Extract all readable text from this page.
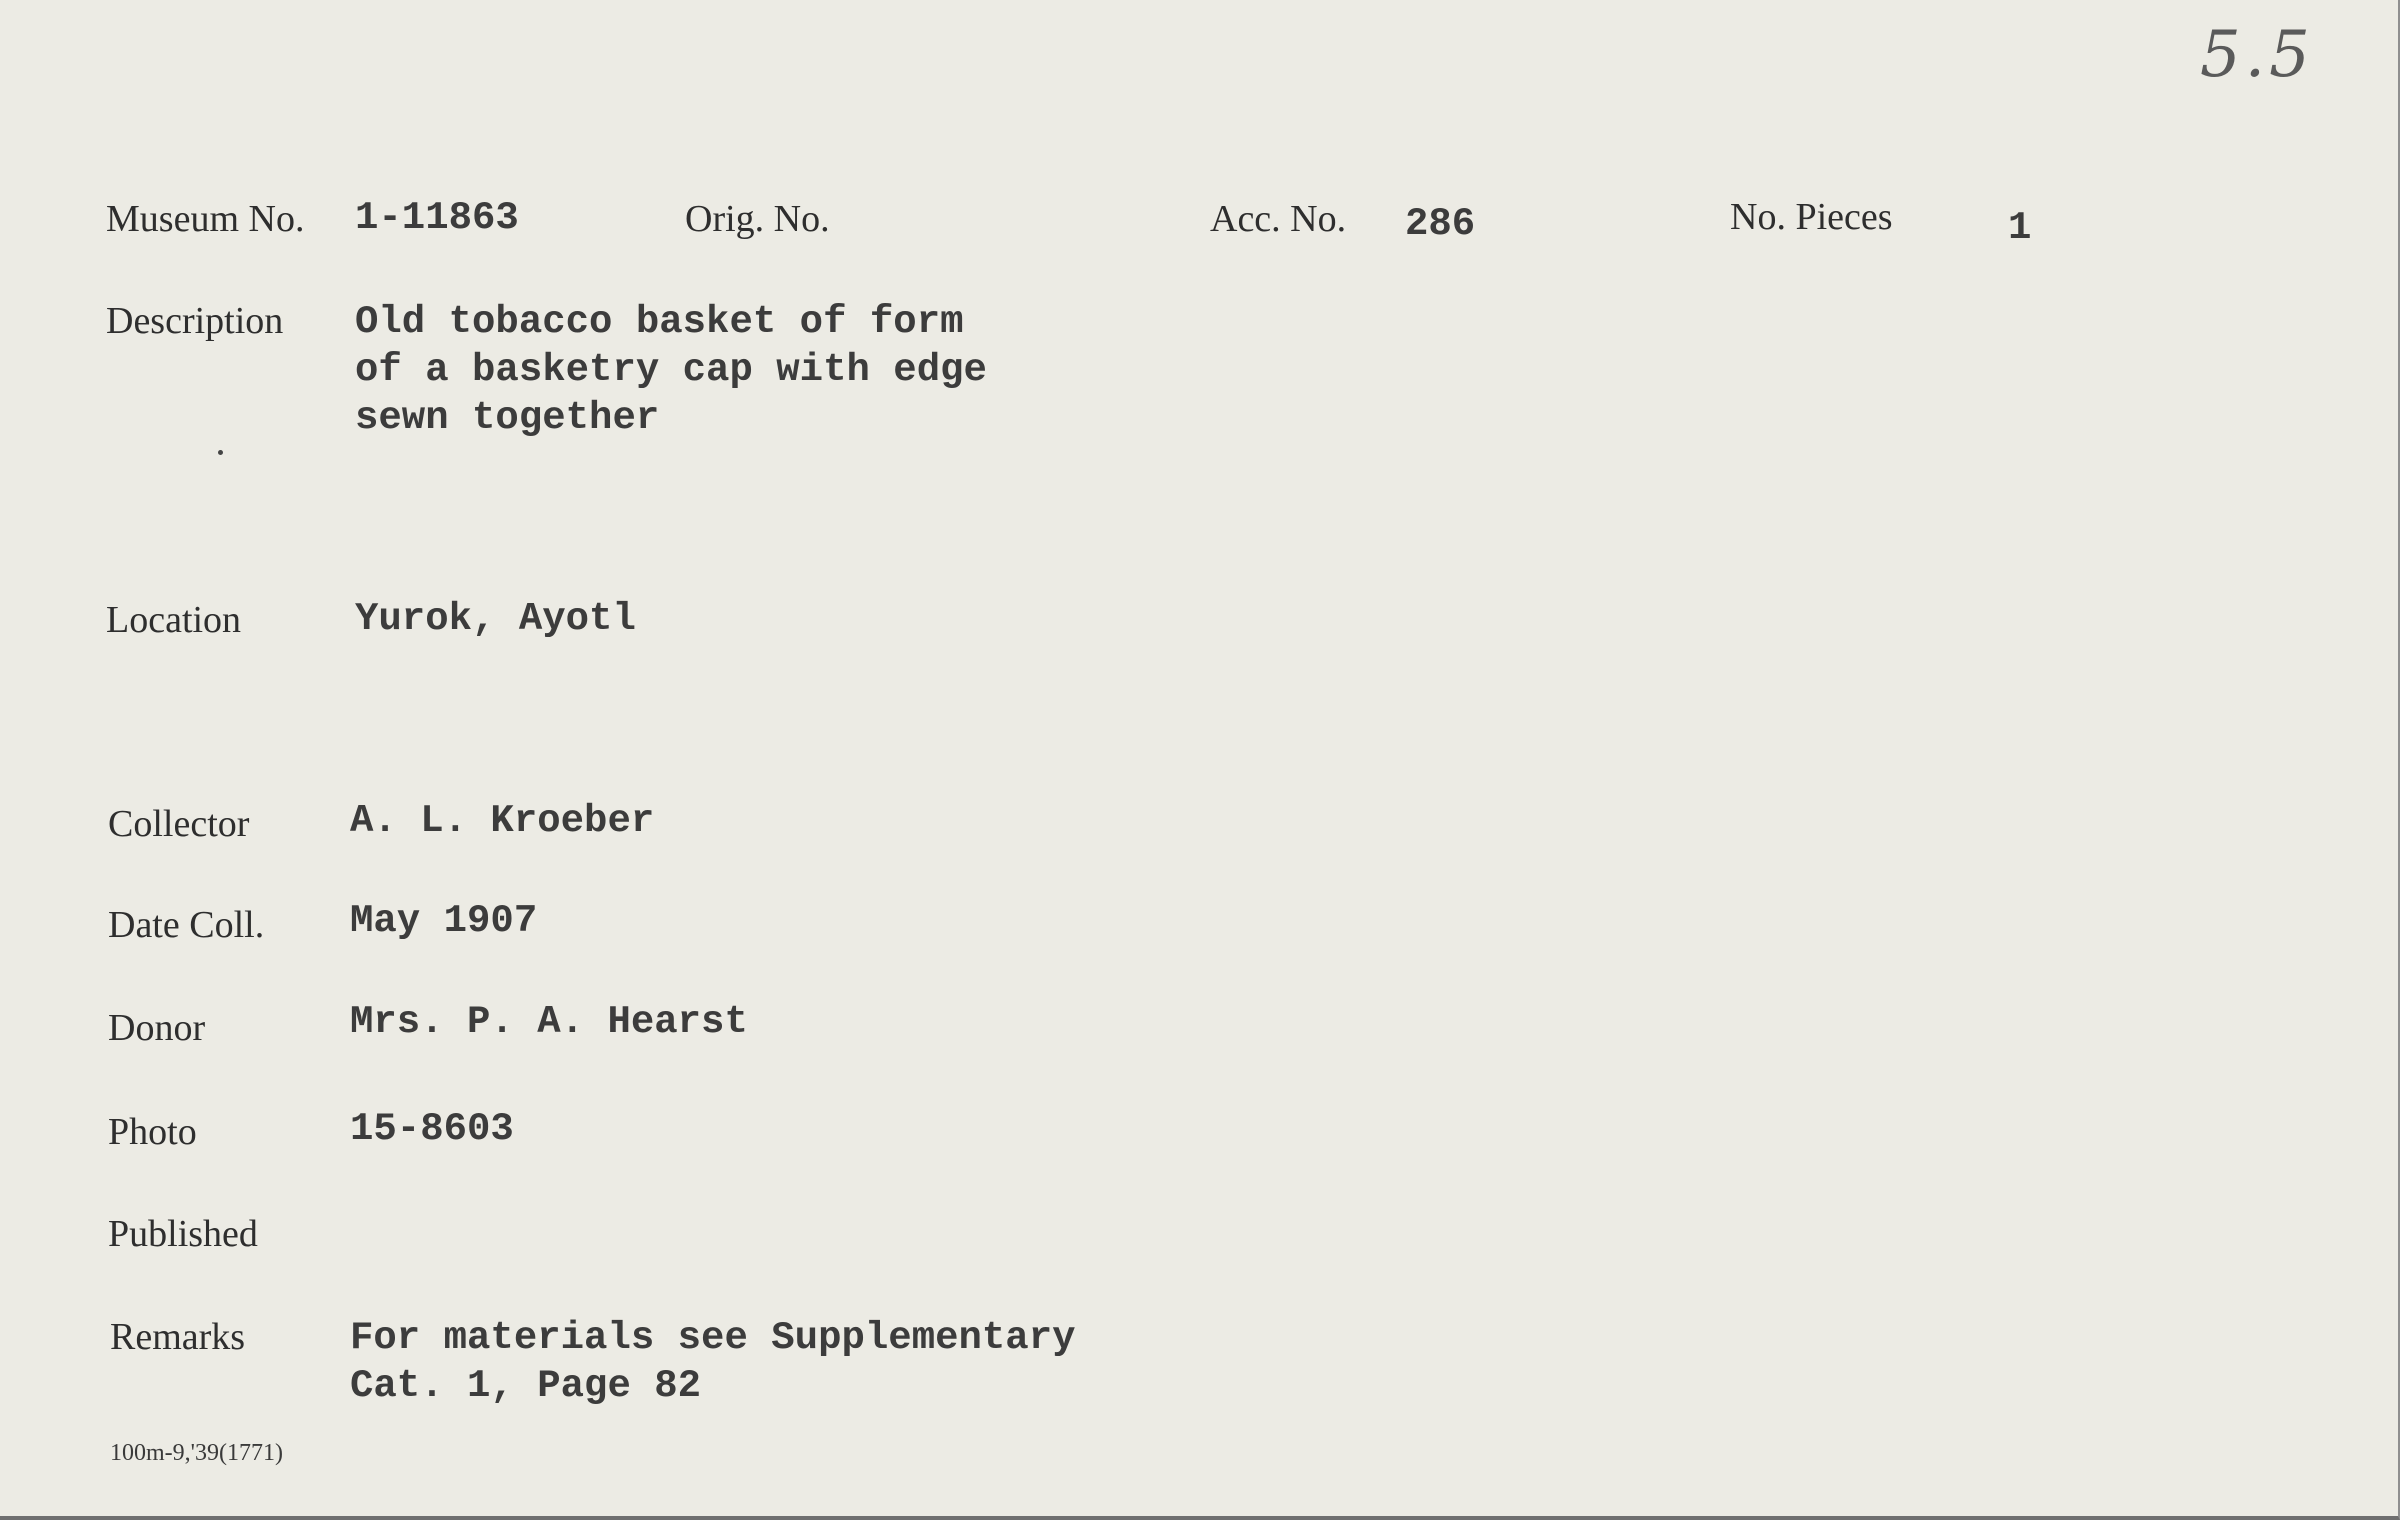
5.5
Museum No. 1-11863	Orig. No.	Acc. No. 286	No. Pieces	1
Description Old tobacco basket of form
of a basketry cap with edge
sewn together
Location	Yurok, Ayotl
Collector	A. L. Kroeber
Date Coll. May 1907
Donor	Mrs. P. A. Hearst
Photo	15-8603
Published
Remarks	For materials see Supplementary
Cat. 1, Page 82
100m-9,'39(1771)
